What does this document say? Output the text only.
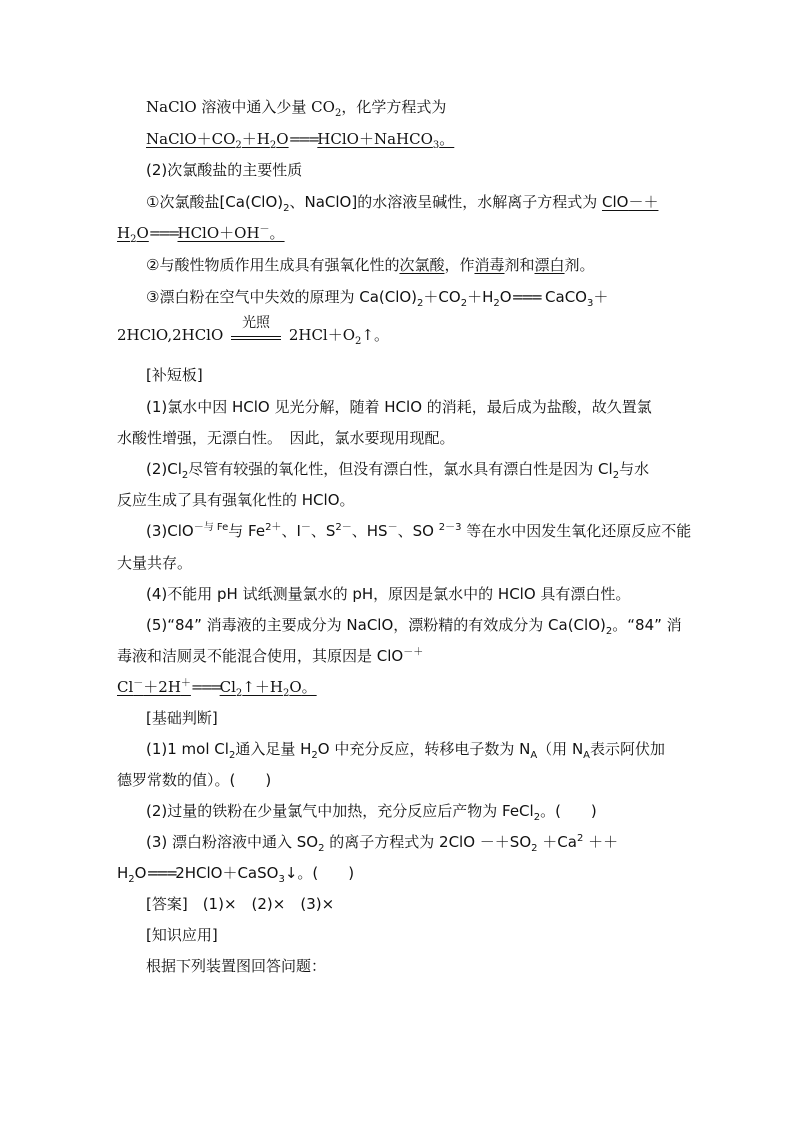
NaClO 溶液中通入少量 $CO_2$，化学方程式为
$NaClO+CO_2+H_2O===HClO+NaHCO_3$。
(2)次氯酸盐的主要性质
①次氯酸盐[$Ca(ClO)_2$、NaClO]的水溶液呈碱性，水解离子方程式为 ClO－＋
$H_2O===HClO+OH^-$。
②与酸性物质作用生成具有强氧化性的次氯酸，作消毒剂和漂白剂。
③漂白粉在空气中失效的原理为 $Ca(ClO)_2+CO_2+H_2O===$ CaCO$_3$＋
2HClO,2HClO
光照
$2HCl+O_2↑$。
[补短板]
(1)氯水中因 HClO 见光分解，随着 HClO 的消耗，最后成为盐酸，故久置氯
水酸性增强，无漂白性。　因此，氯水要现用现配。
$(2)Cl_2$尽管有较强的氧化性，但没有漂白性，氯水具有漂白性是因为 $Cl_2$与水
反应生成了具有强氧化性的 HClO。
(3)ClO$^{-与 Fe}$与 $Fe^{2+}$、I－、$S^{2-}$、HS－、SO $^{2-3}$ 等在水中因发生氧化还原反应不能
大量共存。
(4)不能用 pH 试纸测量氯水的 pH，原因是氯水中的 HClO 具有漂白性。
(5)“84” 消毒液的主要成分为 NaClO，漂粉精的有效成分为 $Ca(ClO)_2$。“84” 消
毒液和洁厕灵不能混合使用，其原因是 ClO－＋
$Cl^-+2H^+===Cl_2↑+H_2O$。
[基础判断]
(1)1 mol $Cl_2$通入足量 $H_2O$ 中充分反应，转移电子数为 $N_A$（用 $N_A$表示阿伏加
德罗常数的值）。(　　)
(2)过量的铁粉在少量氯气中加热，充分反应后产物为 FeCl$_2$。(　　)
(3) 漂白粉溶液中通入 $SO_2$ 的离子方程式为 $2ClO -+SO_2 +Ca^2$ ＋＋
$H_2O===2HClO+CaSO_3↓$。(　　)
[答案]　(1)×　(2)×　(3)×
[知识应用]
根据下列装置图回答问题：
